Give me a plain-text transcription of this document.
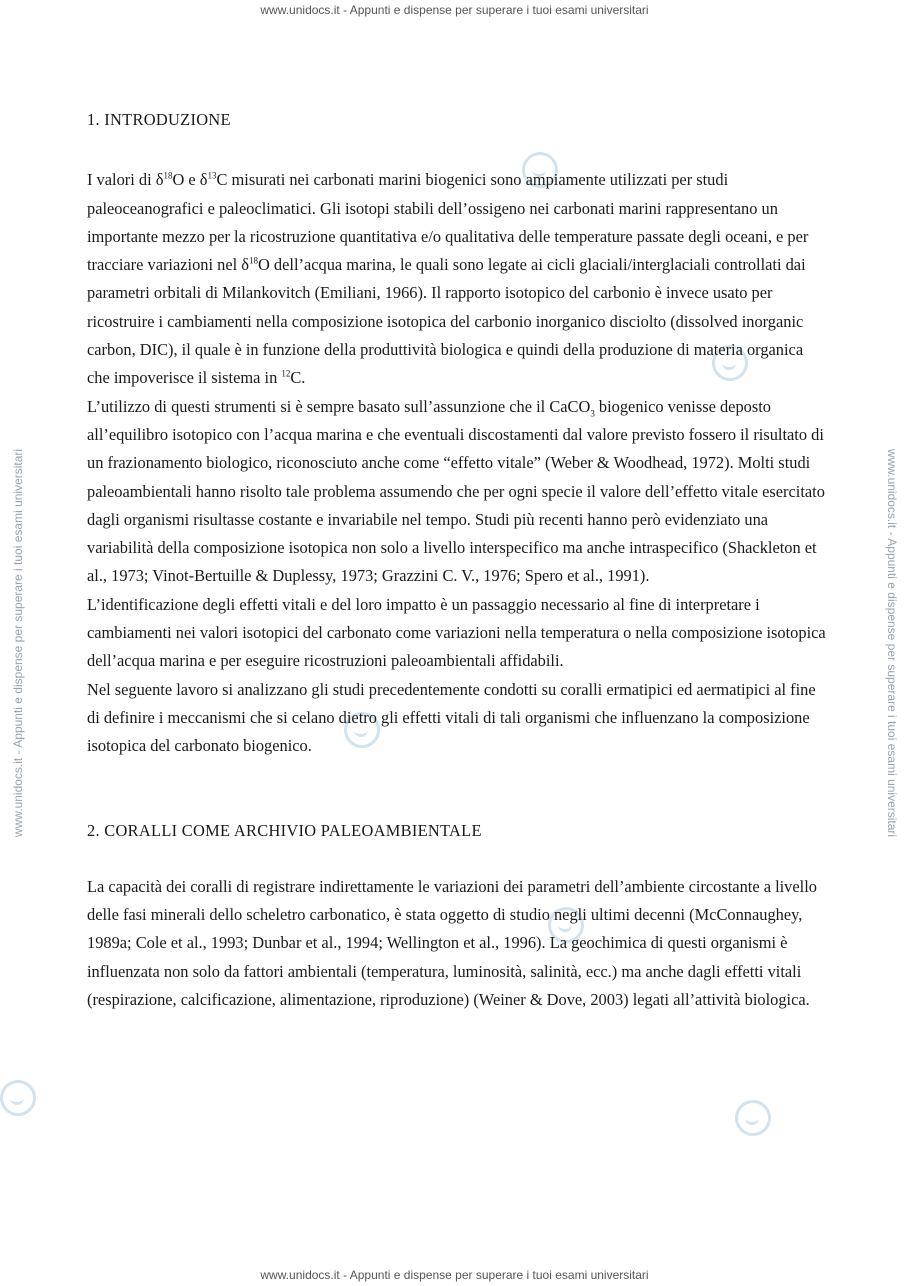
www.unidocs.it - Appunti e dispense per superare i tuoi esami universitari
www.unidocs.it - Appunti e dispense per superare i tuoi esami universitari	www.unidocs.it - Appunti e dispense per superare i tuoi esami universitari
1. INTRODUZIONE

I valori di $\delta^{18}O$ e $\delta^{13}C$ misurati nei carbonati marini biogenici sono ampiamente utilizzati per studi paleoceanografici e paleoclimatici. Gli isotopi stabili dell’ossigeno nei carbonati marini rappresentano un importante mezzo per la ricostruzione quantitativa e/o qualitativa delle temperature passate degli oceani, e per tracciare variazioni nel $\delta^{18}O$ dell’acqua marina, le quali sono legate ai cicli glaciali/interglaciali controllati dai parametri orbitali di Milankovitch (Emiliani, 1966). Il rapporto isotopico del carbonio è invece usato per ricostruire i cambiamenti nella composizione isotopica del carbonio inorganico disciolto (dissolved inorganic carbon, DIC), il quale è in funzione della produttività biologica e quindi della produzione di materia organica che impoverisce il sistema in $^{12}$C.

L’utilizzo di questi strumenti si è sempre basato sull’assunzione che il CaCO$_3$ biogenico venisse deposto all’equilibro isotopico con l’acqua marina e che eventuali discostamenti dal valore previsto fossero il risultato di un frazionamento biologico, riconosciuto anche come “effetto vitale” (Weber & Woodhead, 1972). Molti studi paleoambientali hanno risolto tale problema assumendo che per ogni specie il valore dell’effetto vitale esercitato dagli organismi risultasse costante e invariabile nel tempo. Studi più recenti hanno però evidenziato una variabilità della composizione isotopica non solo a livello interspecifico ma anche intraspecifico (Shackleton et al., 1973; Vinot-Bertuille & Duplessy, 1973; Grazzini C. V., 1976; Spero et al., 1991).

L’identificazione degli effetti vitali e del loro impatto è un passaggio necessario al fine di interpretare i cambiamenti nei valori isotopici del carbonato come variazioni nella temperatura o nella composizione isotopica dell’acqua marina e per eseguire ricostruzioni paleoambientali affidabili.

Nel seguente lavoro si analizzano gli studi precedentemente condotti su coralli ermatipici ed aermatipici al fine di definire i meccanismi che si celano dietro gli effetti vitali di tali organismi che influenzano la composizione isotopica del carbonato biogenico.

2. CORALLI COME ARCHIVIO PALEOAMBIENTALE

La capacità dei coralli di registrare indirettamente le variazioni dei parametri dell’ambiente circostante a livello delle fasi minerali dello scheletro carbonatico, è stata oggetto di studio negli ultimi decenni (McConnaughey, 1989a; Cole et al., 1993; Dunbar et al., 1994; Wellington et al., 1996). La geochimica di questi organismi è influenzata non solo da fattori ambientali (temperatura, luminosità, salinità, ecc.) ma anche dagli effetti vitali (respirazione, calcificazione, alimentazione, riproduzione) (Weiner & Dove, 2003) legati all’attività biologica.

www.unidocs.it - Appunti e dispense per superare i tuoi esami universitari
